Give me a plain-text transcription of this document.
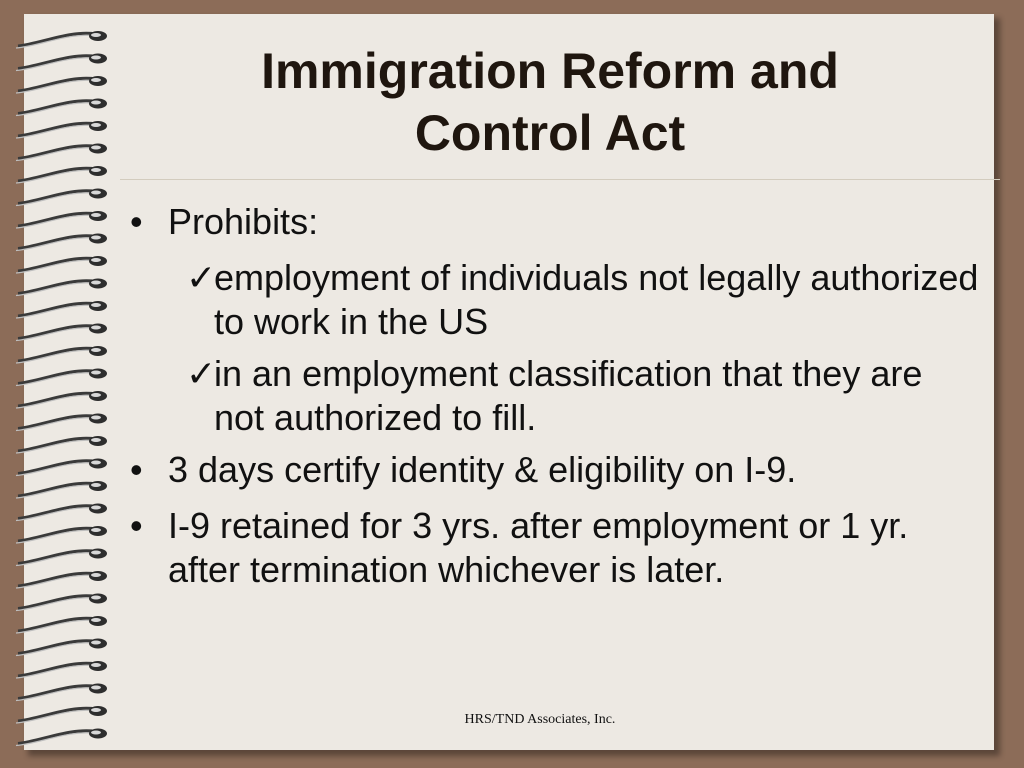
Immigration Reform and
Control Act
• Prohibits:
✓
employment of individuals not legally authorized to work in the US
✓
in an employment classification that they are not authorized to fill.
• 3 days certify identity & eligibility on I-9.
• I-9 retained for 3 yrs. after employment or 1 yr. after termination whichever is later.
HRS/TND Associates, Inc.
